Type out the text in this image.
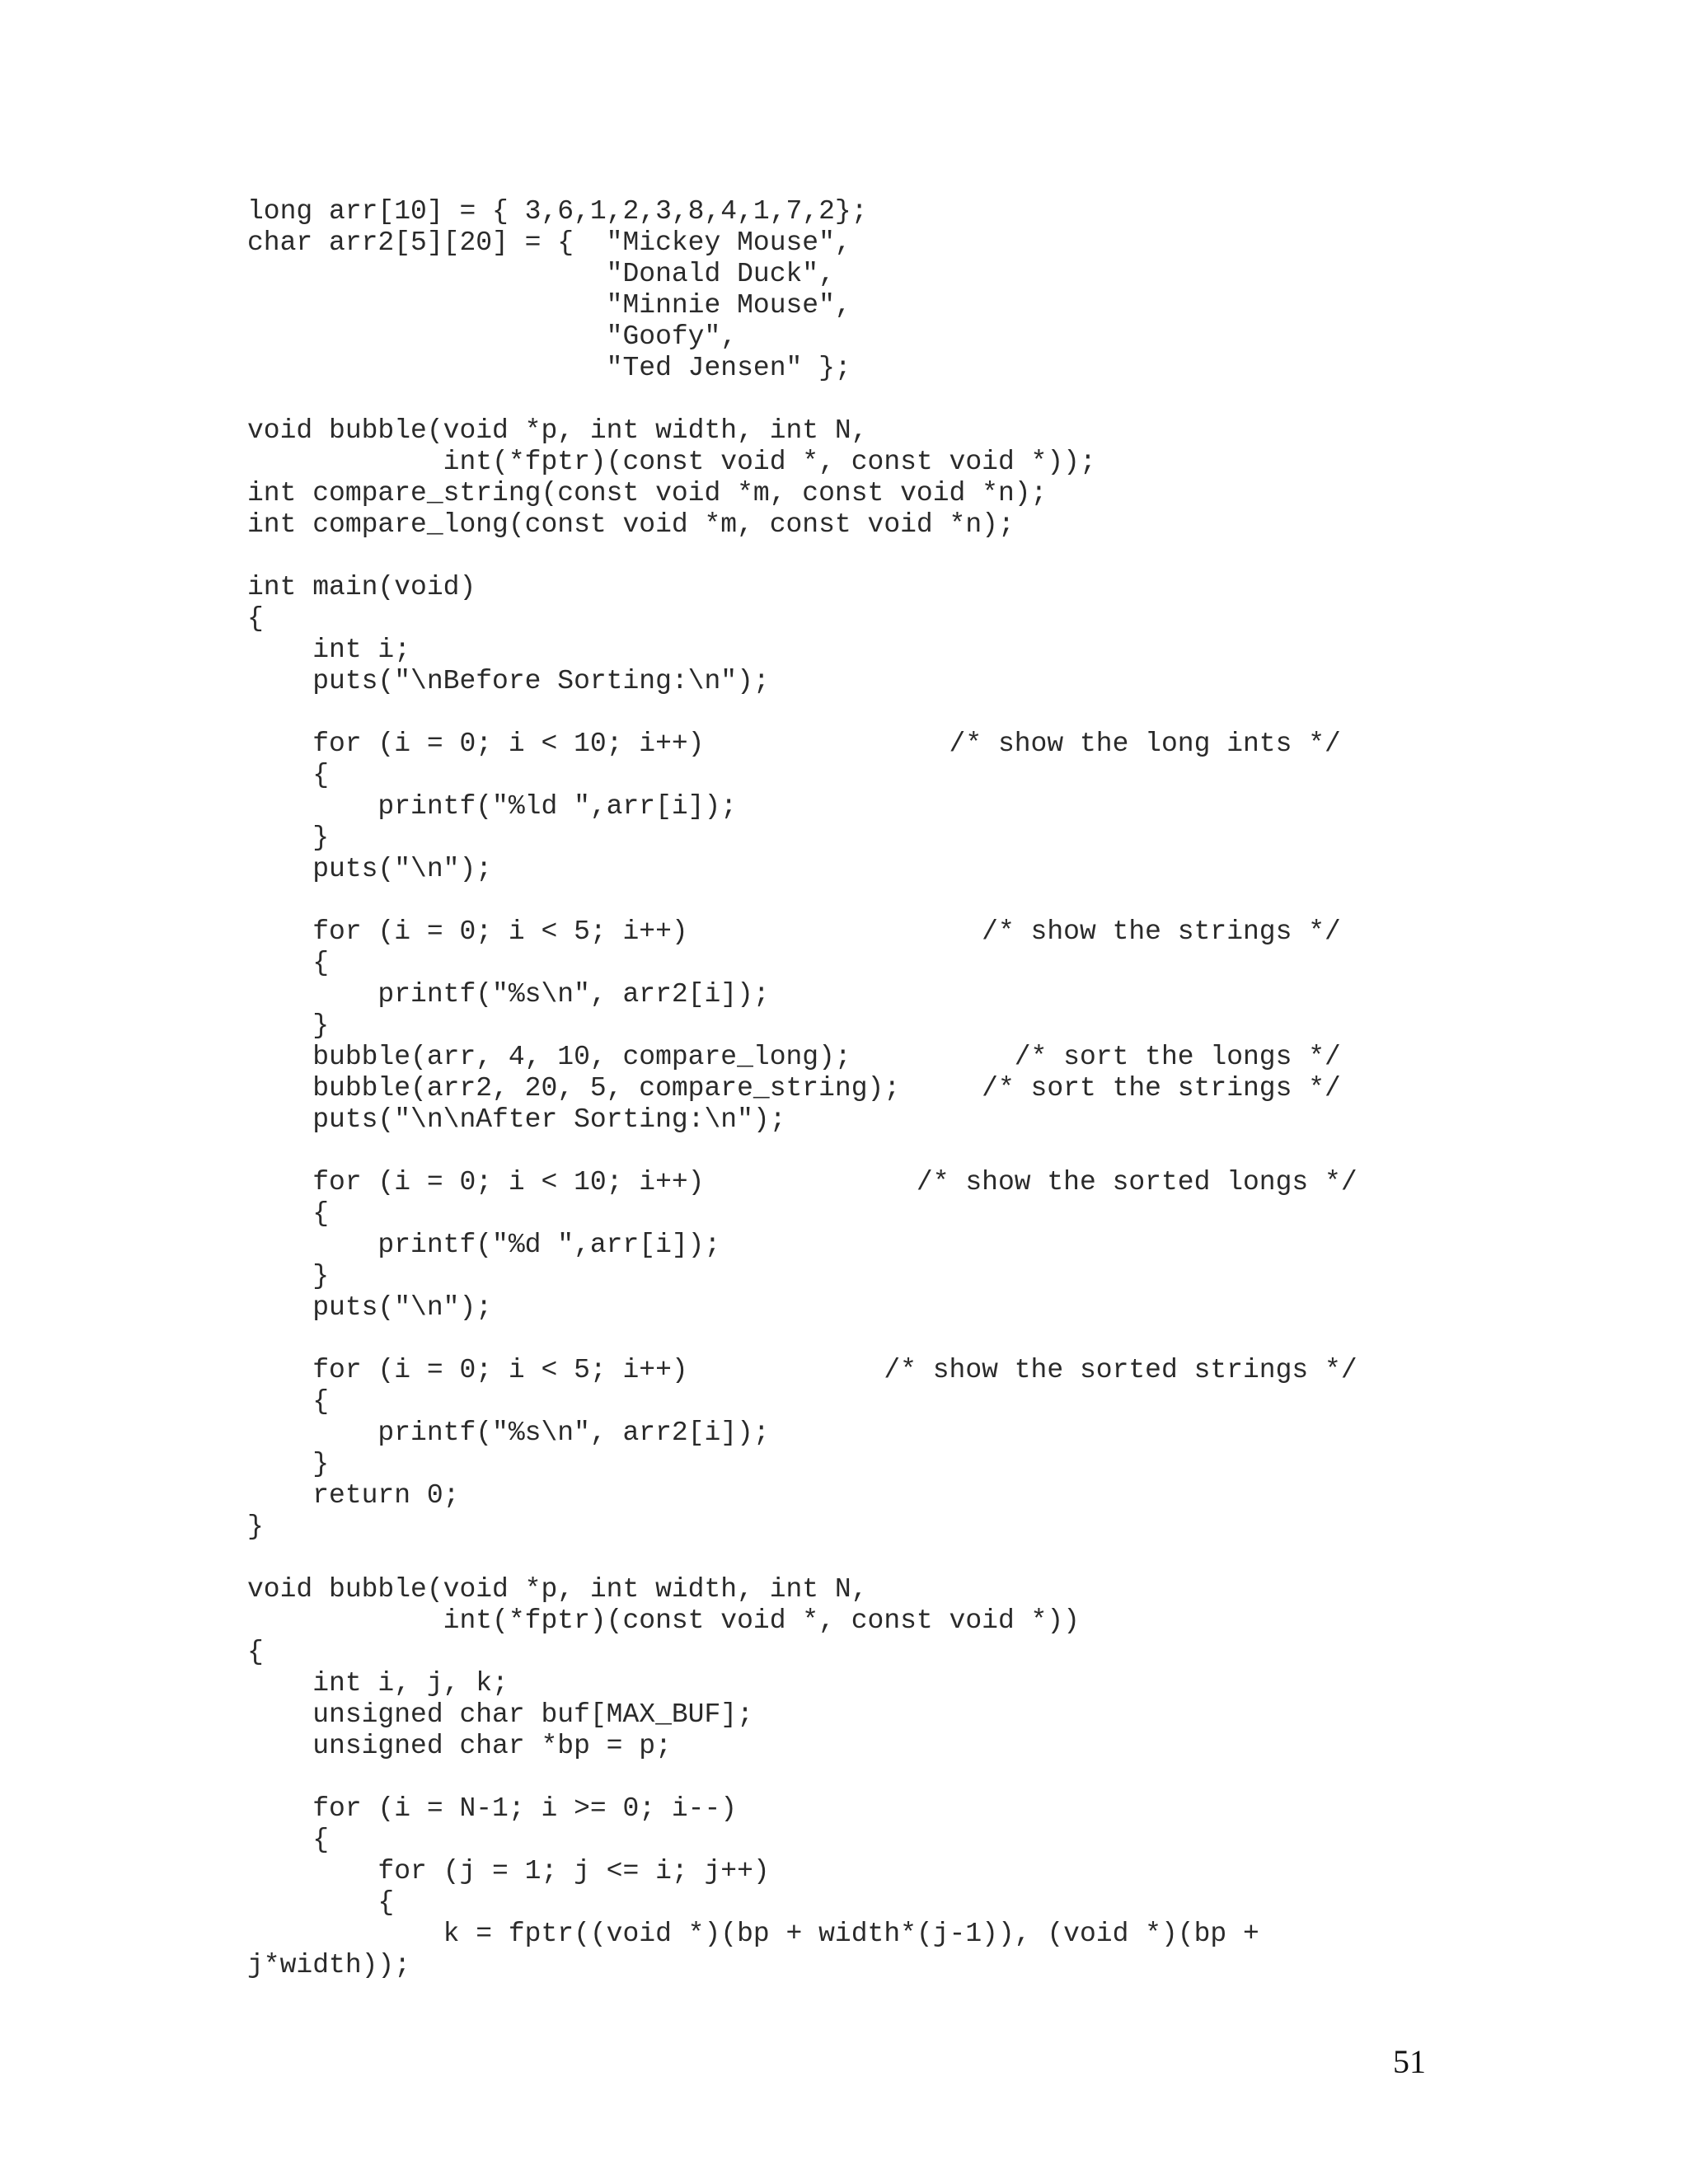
long arr[10] = { 3,6,1,2,3,8,4,1,7,2};
char arr2[5][20] = {  "Mickey Mouse",
"Donald Duck",
"Minnie Mouse",
"Goofy",
"Ted Jensen" };
void bubble(void *p, int width, int N,
int(*fptr)(const void *, const void *));
int compare_string(const void *m, const void *n);
int compare_long(const void *m, const void *n);
int main(void)
{
int i;
puts("\nBefore Sorting:\n");
for (i = 0; i < 10; i++)               /* show the long ints */
{
printf("%ld ",arr[i]);
}
puts("\n");
for (i = 0; i < 5; i++)                  /* show the strings */
{
printf("%s\n", arr2[i]);
}
bubble(arr, 4, 10, compare_long);          /* sort the longs */
bubble(arr2, 20, 5, compare_string);     /* sort the strings */
puts("\n\nAfter Sorting:\n");
for (i = 0; i < 10; i++)             /* show the sorted longs */
{
printf("%d ",arr[i]);
}
puts("\n");
for (i = 0; i < 5; i++)            /* show the sorted strings */
{
printf("%s\n", arr2[i]);
}
return 0;
}
void bubble(void *p, int width, int N,
int(*fptr)(const void *, const void *))
{
int i, j, k;
unsigned char buf[MAX_BUF];
unsigned char *bp = p;
for (i = N-1; i >= 0; i--)
{
for (j = 1; j <= i; j++)
{
k = fptr((void *)(bp + width*(j-1)), (void *)(bp +
j*width));
51
